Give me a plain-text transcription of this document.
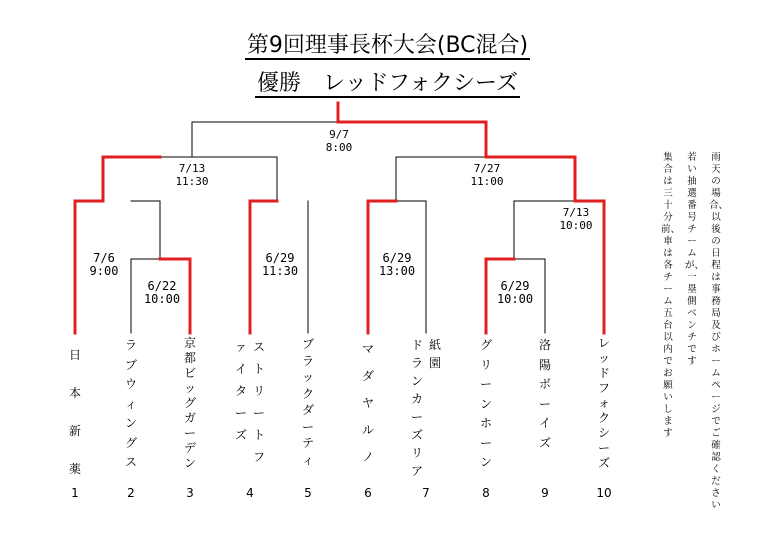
第9回理事長杯大会(BC混合)
優勝　レッドフォクシーズ
9/7
8:00
7/13
11:30
7/27
11:00
7/6
9:00
6/22
10:00
6/29
11:30
6/29
13:00
6/29
10:00
7/13
10:00
日本新薬
1
ラブウィングス
2
京都ビッグガーデン
3
ス
ト
リ
ー
ト
フ
ァ
イ
タ
ー
ズ
4
ブラックダーティ
5
マダヤルノ
6
紙
園
ド
ラ
ン
カ
ー
ズ
リ
ア
7
グリーンホーン
8
洛陽ボーイズ
9
レッドフォクシーズ
10
雨天の場合、以後の日程は事務局及びホームページでご確認ください
若い抽選番号チームが、一塁側ベンチです
集合は三十分前、車は各チーム五台以内でお願いします
